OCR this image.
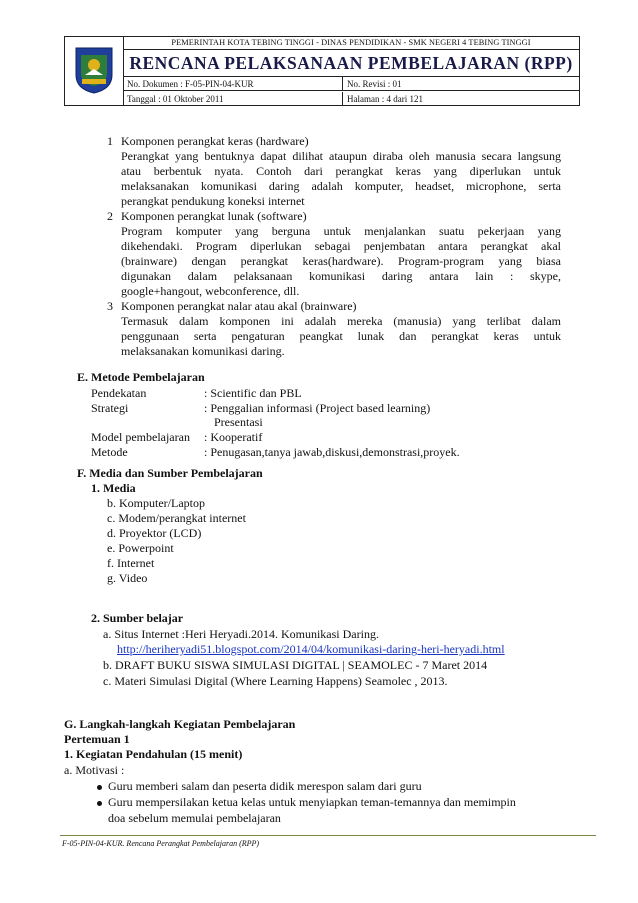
PEMERINTAH KOTA TEBING TINGGI - DINAS PENDIDIKAN - SMK NEGERI 4 TEBING TINGGI
RENCANA PELAKSANAAN PEMBELAJARAN (RPP)
No. Dokumen : F-05-PIN-04-KUR	No. Revisi : 01
Tanggal : 01 Oktober 2011	Halaman : 4 dari 121
1 Komponen perangkat keras (hardware)
Perangkat yang bentuknya dapat dilihat ataupun diraba oleh manusia secara langsung
atau berbentuk nyata. Contoh dari perangkat keras yang diperlukan untuk
melaksanakan komunikasi daring adalah komputer, headset, microphone, serta
perangkat pendukung koneksi internet
2 Komponen perangkat lunak (software)
Program komputer yang berguna untuk menjalankan suatu pekerjaan yang
dikehendaki. Program diperlukan sebagai penjembatan antara perangkat akal
(brainware) dengan perangkat keras(hardware). Program-program yang biasa
digunakan dalam pelaksanaan komunikasi daring antara lain : skype,
google+hangout, webconference, dll.
3 Komponen perangkat nalar atau akal (brainware)
Termasuk dalam komponen ini adalah mereka (manusia) yang terlibat dalam
penggunaan serta pengaturan peangkat lunak dan perangkat keras untuk
melaksanakan komunikasi daring.
E. Metode Pembelajaran
Pendekatan	: Scientific dan PBL
Strategi	: Penggalian informasi (Project based learning)
Presentasi
Model pembelajaran : Kooperatif
Metode	: Penugasan,tanya jawab,diskusi,demonstrasi,proyek.
F. Media dan Sumber Pembelajaran
1. Media
b. Komputer/Laptop
c. Modem/perangkat internet
d. Proyektor (LCD)
e. Powerpoint
f. Internet
g. Video
2. Sumber belajar
a. Situs Internet :Heri Heryadi.2014. Komunikasi Daring.
http://heriheryadi51.blogspot.com/2014/04/komunikasi-daring-heri-heryadi.html
b. DRAFT BUKU SISWA SIMULASI DIGITAL | SEAMOLEC - 7 Maret 2014
c. Materi Simulasi Digital (Where Learning Happens) Seamolec , 2013.
G. Langkah-langkah Kegiatan Pembelajaran
Pertemuan 1
1. Kegiatan Pendahulan (15 menit)
a. Motivasi :
Guru memberi salam dan peserta didik merespon salam dari guru
Guru mempersilakan ketua kelas untuk menyiapkan teman-temannya dan memimpin
doa sebelum memulai pembelajaran
F-05-PIN-04-KUR. Rencana Perangkat Pembelajaran (RPP)
